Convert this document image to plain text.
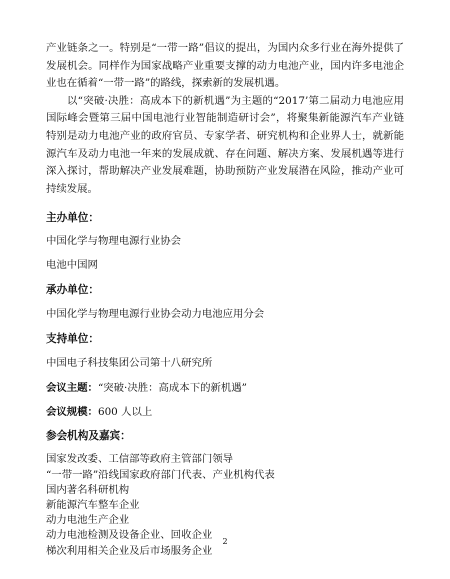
产业链条之一。特别是“一带一路”倡议的提出，为国内众多行业在海外提供了发展机会。同样作为国家战略产业重要支撑的动力电池产业，国内许多电池企业也在循着“一带一路”的路线，探索新的发展机遇。

以“突破·决胜：高成本下的新机遇”为主题的“2017’第二届动力电池应用国际峰会暨第三届中国电池行业智能制造研讨会”，将聚集新能源汽车产业链特别是动力电池产业的政府官员、专家学者、研究机构和企业界人士，就新能源汽车及动力电池一年来的发展成就、存在问题、解决方案、发展机遇等进行深入探讨，帮助解决产业发展难题，协助预防产业发展潜在风险，推动产业可持续发展。

主办单位：

中国化学与物理电源行业协会

电池中国网

承办单位：

中国化学与物理电源行业协会动力电池应用分会

支持单位：

中国电子科技集团公司第十八研究所

会议主题：“突破·决胜：高成本下的新机遇”

会议规模：600 人以上

参会机构及嘉宾：

国家发改委、工信部等政府主管部门领导

“一带一路”沿线国家政府部门代表、产业机构代表

国内著名科研机构

新能源汽车整车企业

动力电池生产企业

动力电池检测及设备企业、回收企业

梯次利用相关企业及后市场服务企业

2
